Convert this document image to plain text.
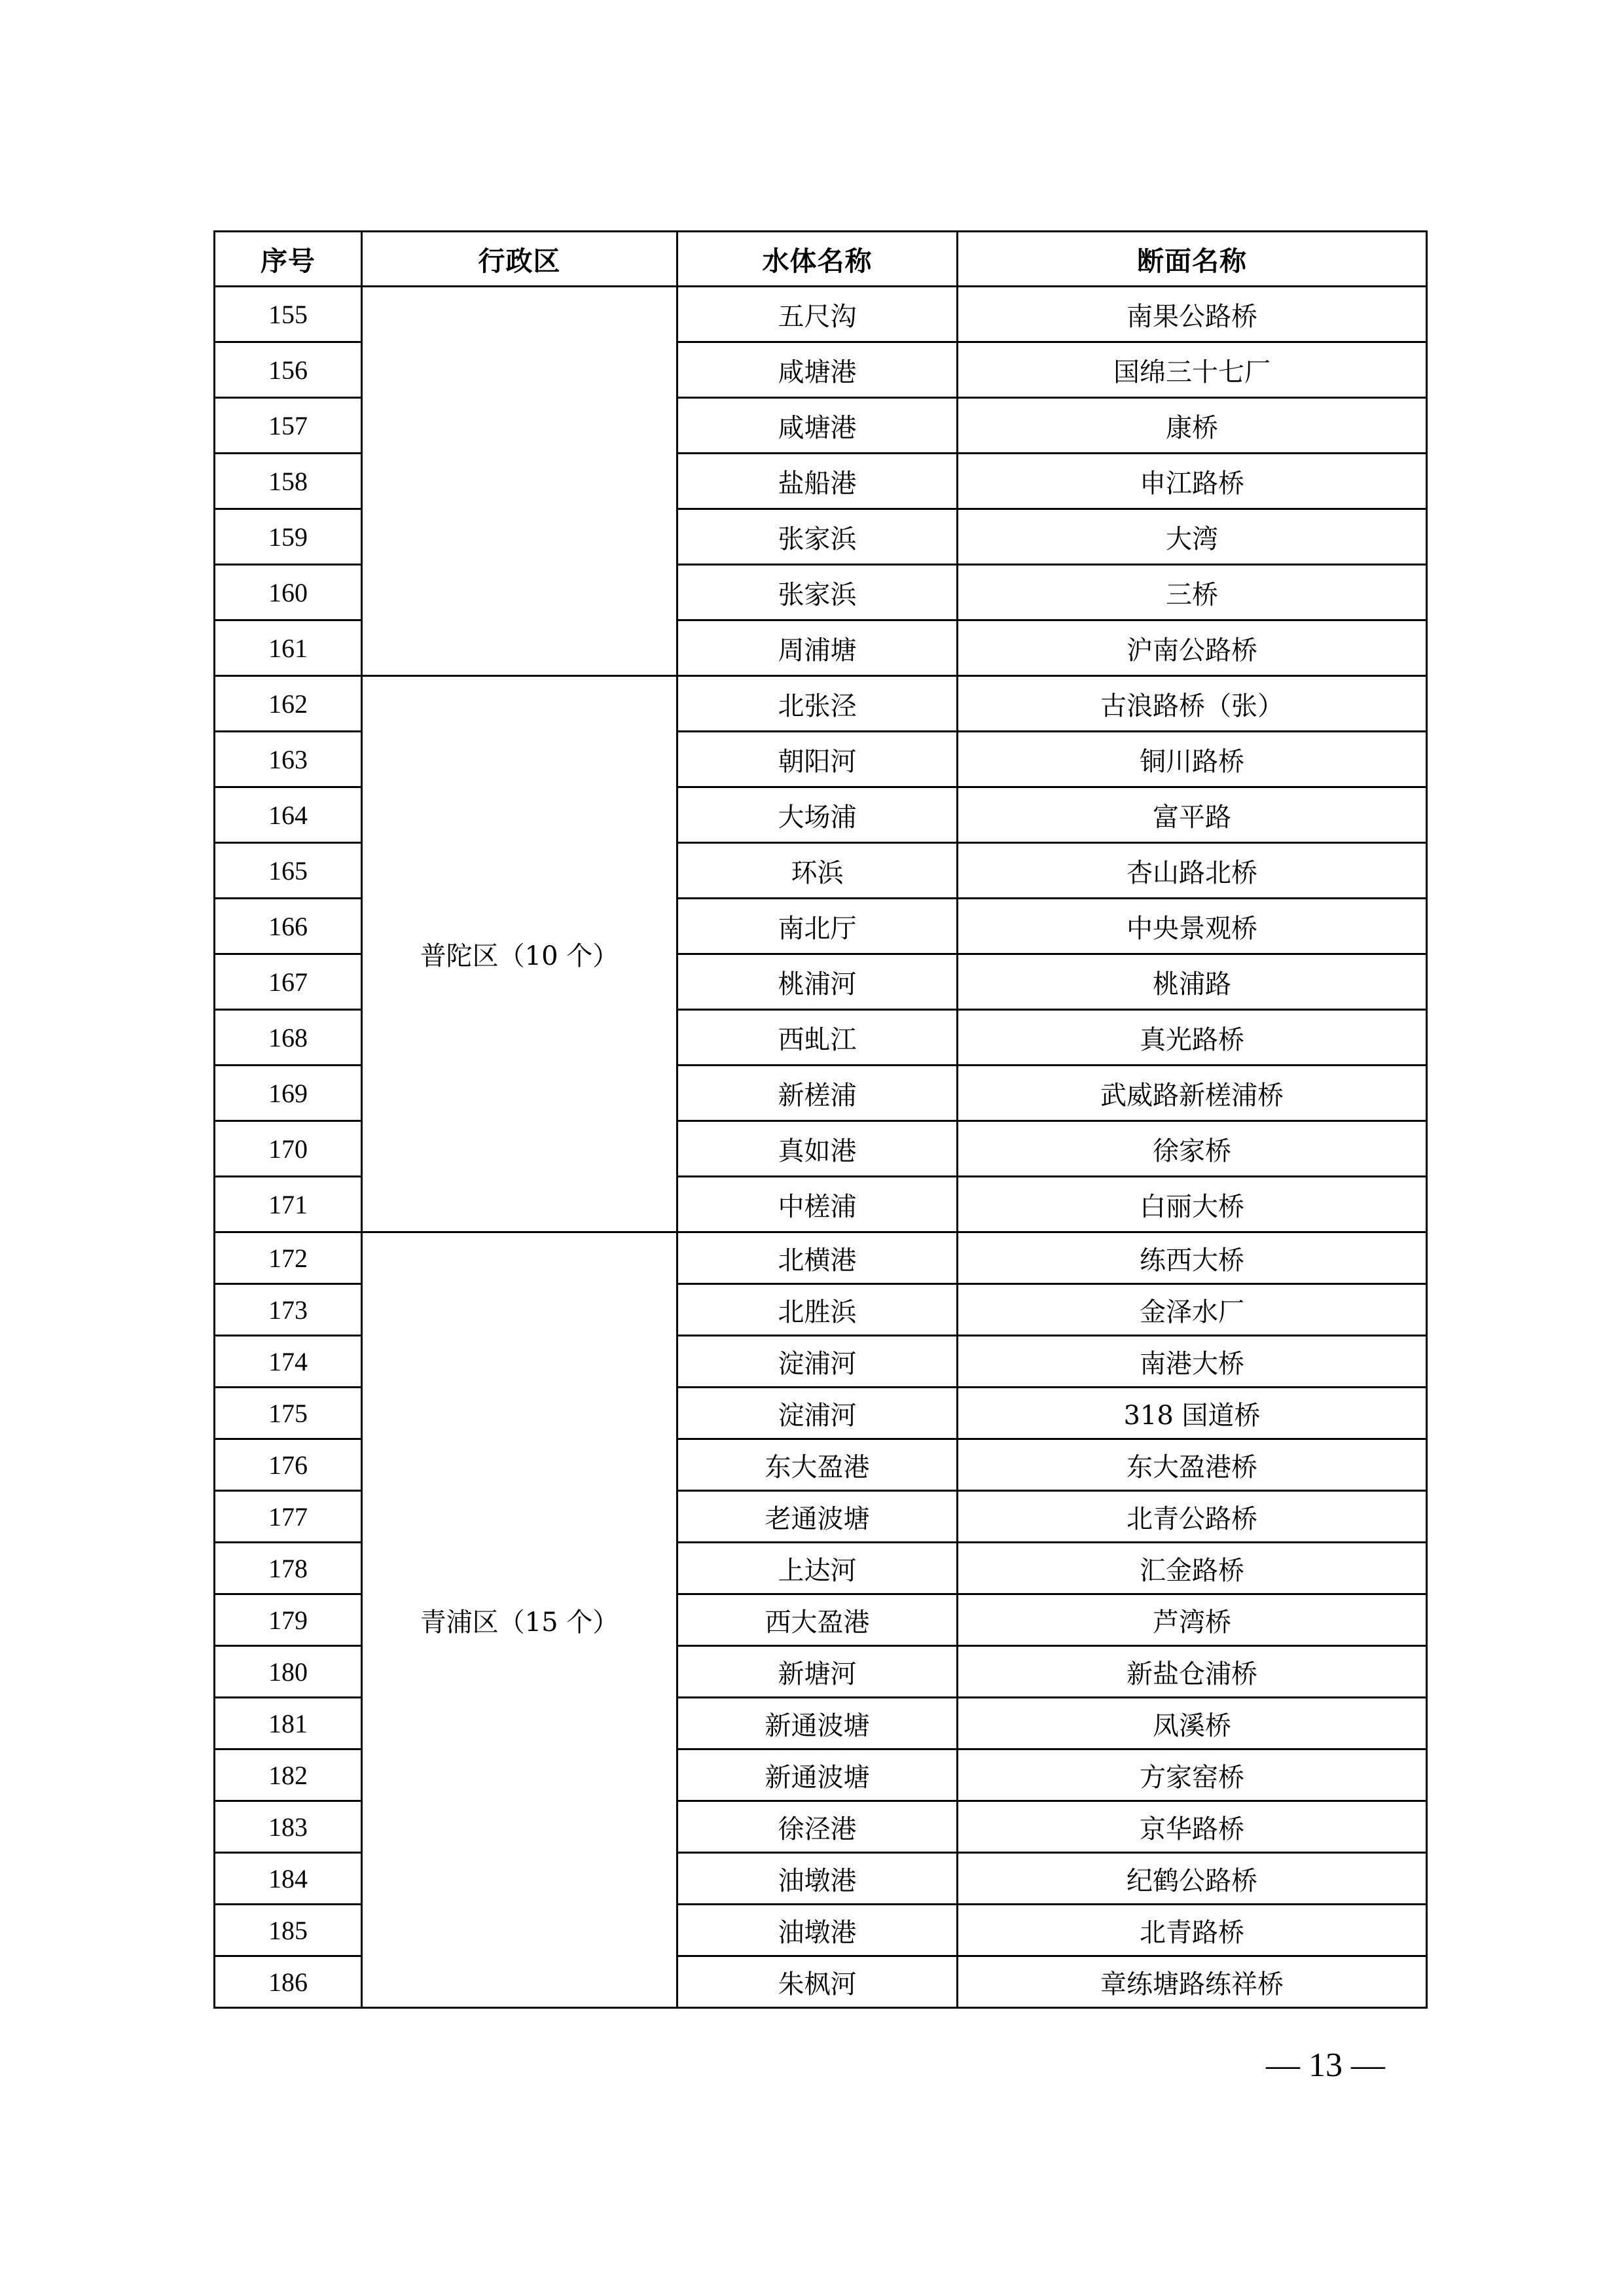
序号	行政区	水体名称	断面名称
155		五尺沟	南果公路桥
156		咸塘港	国绵三十七厂
157		咸塘港	康桥
158		盐船港	申江路桥
159		张家浜	大湾
160		张家浜	三桥
161		周浦塘	沪南公路桥
162	普陀区（10 个）	北张泾	古浪路桥（张）
163		朝阳河	铜川路桥
164		大场浦	富平路
165		环浜	杏山路北桥
166		南北厅	中央景观桥
167		桃浦河	桃浦路
168		西虬江	真光路桥
169		新槎浦	武威路新槎浦桥
170		真如港	徐家桥
171		中槎浦	白丽大桥
172	青浦区（15 个）	北横港	练西大桥
173		北胜浜	金泽水厂
174		淀浦河	南港大桥
175		淀浦河	318 国道桥
176		东大盈港	东大盈港桥
177		老通波塘	北青公路桥
178		上达河	汇金路桥
179		西大盈港	芦湾桥
180		新塘河	新盐仓浦桥
181		新通波塘	凤溪桥
182		新通波塘	方家窑桥
183		徐泾港	京华路桥
184		油墩港	纪鹤公路桥
185		油墩港	北青路桥
186		朱枫河	章练塘路练祥桥
— 13 —
